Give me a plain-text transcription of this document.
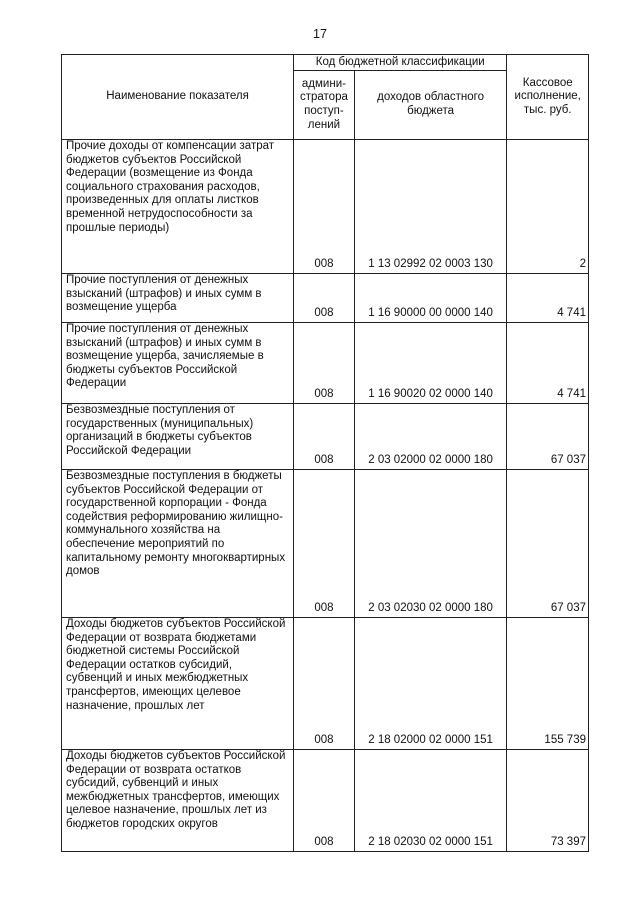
17
Наименование показателя	Код бюджетной классификации		Кассовое исполнение, тыс. руб.
	админи-стратора поступ-лений	доходов областного бюджета	
Прочие доходы от компенсации затрат бюджетов субъектов Российской Федерации (возмещение из Фонда социального страхования расходов, произведенных для оплаты листков временной нетрудоспособности за прошлые периоды)	008	1 13 02992 02 0003 130	2
Прочие поступления от денежных взысканий (штрафов) и иных сумм в возмещение ущерба	008	1 16 90000 00 0000 140	4 741
Прочие поступления от денежных взысканий (штрафов) и иных сумм в возмещение ущерба, зачисляемые в бюджеты субъектов Российской Федерации	008	1 16 90020 02 0000 140	4 741
Безвозмездные поступления от государственных (муниципальных) организаций в бюджеты субъектов Российской Федерации	008	2 03 02000 02 0000 180	67 037
Безвозмездные поступления в бюджеты субъектов Российской Федерации от государственной корпорации - Фонда содействия реформированию жилищно-коммунального хозяйства на обеспечение мероприятий по капитальному ремонту многоквартирных домов	008	2 03 02030 02 0000 180	67 037
Доходы бюджетов субъектов Российской Федерации от возврата бюджетами бюджетной системы Российской Федерации остатков субсидий, субвенций и иных межбюджетных трансфертов, имеющих целевое назначение, прошлых лет	008	2 18 02000 02 0000 151	155 739
Доходы бюджетов субъектов Российской Федерации от возврата остатков субсидий, субвенций и иных межбюджетных трансфертов, имеющих целевое назначение, прошлых лет из бюджетов городских округов	008	2 18 02030 02 0000 151	73 397
